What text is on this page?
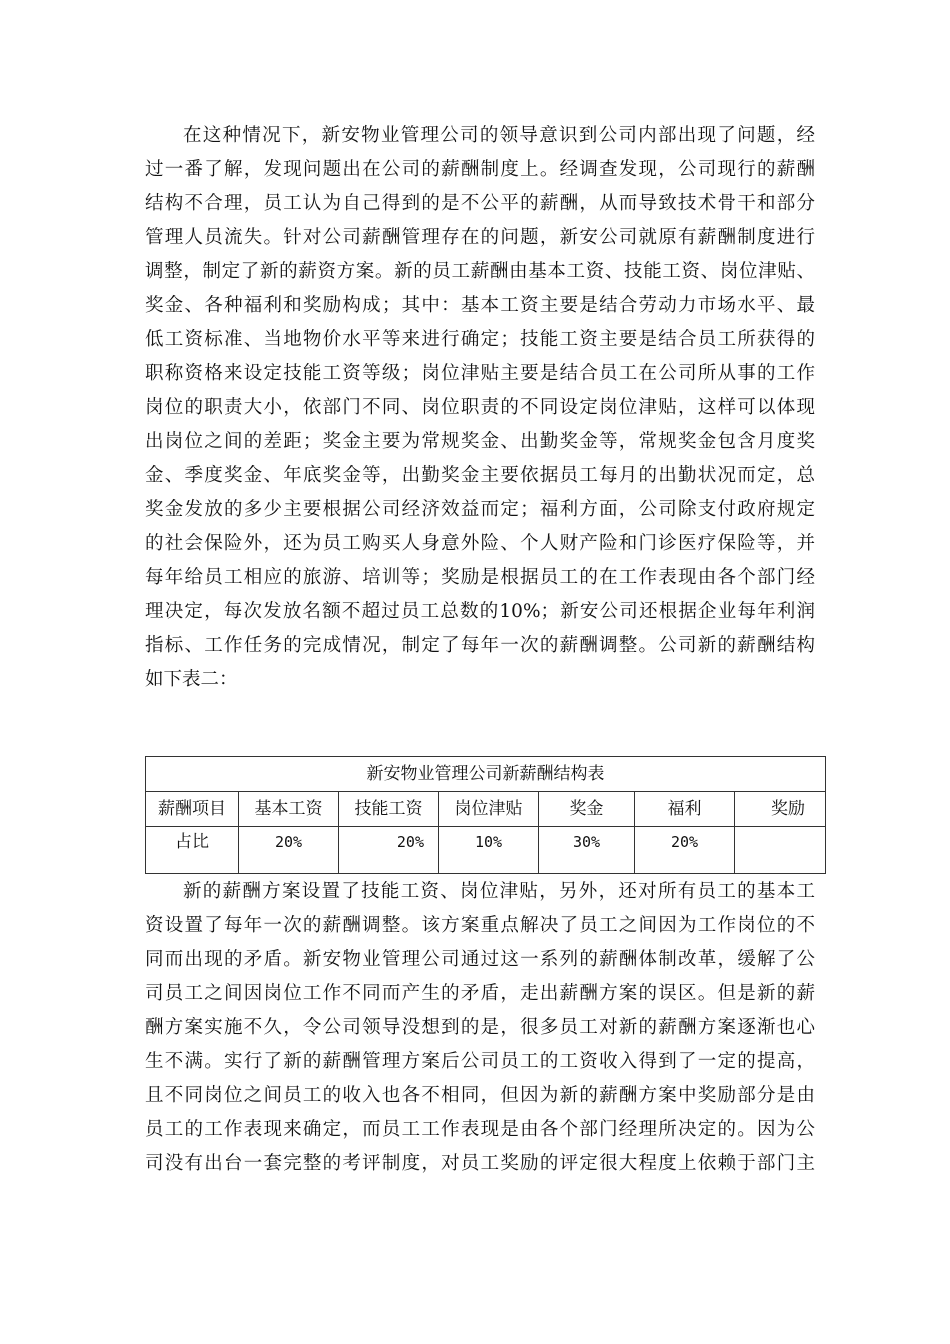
在这种情况下，新安物业管理公司的领导意识到公司内部出现了问题，经
过一番了解，发现问题出在公司的薪酬制度上。经调查发现，公司现行的薪酬
结构不合理，员工认为自己得到的是不公平的薪酬，从而导致技术骨干和部分
管理人员流失。针对公司薪酬管理存在的问题，新安公司就原有薪酬制度进行
调整，制定了新的薪资方案。新的员工薪酬由基本工资、技能工资、岗位津贴、
奖金、各种福利和奖励构成；其中：基本工资主要是结合劳动力市场水平、最
低工资标准、当地物价水平等来进行确定；技能工资主要是结合员工所获得的
职称资格来设定技能工资等级；岗位津贴主要是结合员工在公司所从事的工作
岗位的职责大小，依部门不同、岗位职责的不同设定岗位津贴，这样可以体现
出岗位之间的差距；奖金主要为常规奖金、出勤奖金等，常规奖金包含月度奖
金、季度奖金、年底奖金等，出勤奖金主要依据员工每月的出勤状况而定，总
奖金发放的多少主要根据公司经济效益而定；福利方面，公司除支付政府规定
的社会保险外，还为员工购买人身意外险、个人财产险和门诊医疗保险等，并
每年给员工相应的旅游、培训等；奖励是根据员工的在工作表现由各个部门经
理决定，每次发放名额不超过员工总数的10%；新安公司还根据企业每年利润
指标、工作任务的完成情况，制定了每年一次的薪酬调整。公司新的薪酬结构
如下表二：
新安物业管理公司新薪酬结构表						
薪酬项目	基本工资	技能工资	岗位津贴	奖金	福利	奖励
占比	20%	20%	10%	30%	20%	
新的薪酬方案设置了技能工资、岗位津贴，另外，还对所有员工的基本工
资设置了每年一次的薪酬调整。该方案重点解决了员工之间因为工作岗位的不
同而出现的矛盾。新安物业管理公司通过这一系列的薪酬体制改革，缓解了公
司员工之间因岗位工作不同而产生的矛盾，走出薪酬方案的误区。但是新的薪
酬方案实施不久，令公司领导没想到的是，很多员工对新的薪酬方案逐渐也心
生不满。实行了新的薪酬管理方案后公司员工的工资收入得到了一定的提高，
且不同岗位之间员工的收入也各不相同，但因为新的薪酬方案中奖励部分是由
员工的工作表现来确定，而员工工作表现是由各个部门经理所决定的。因为公
司没有出台一套完整的考评制度，对员工奖励的评定很大程度上依赖于部门主
